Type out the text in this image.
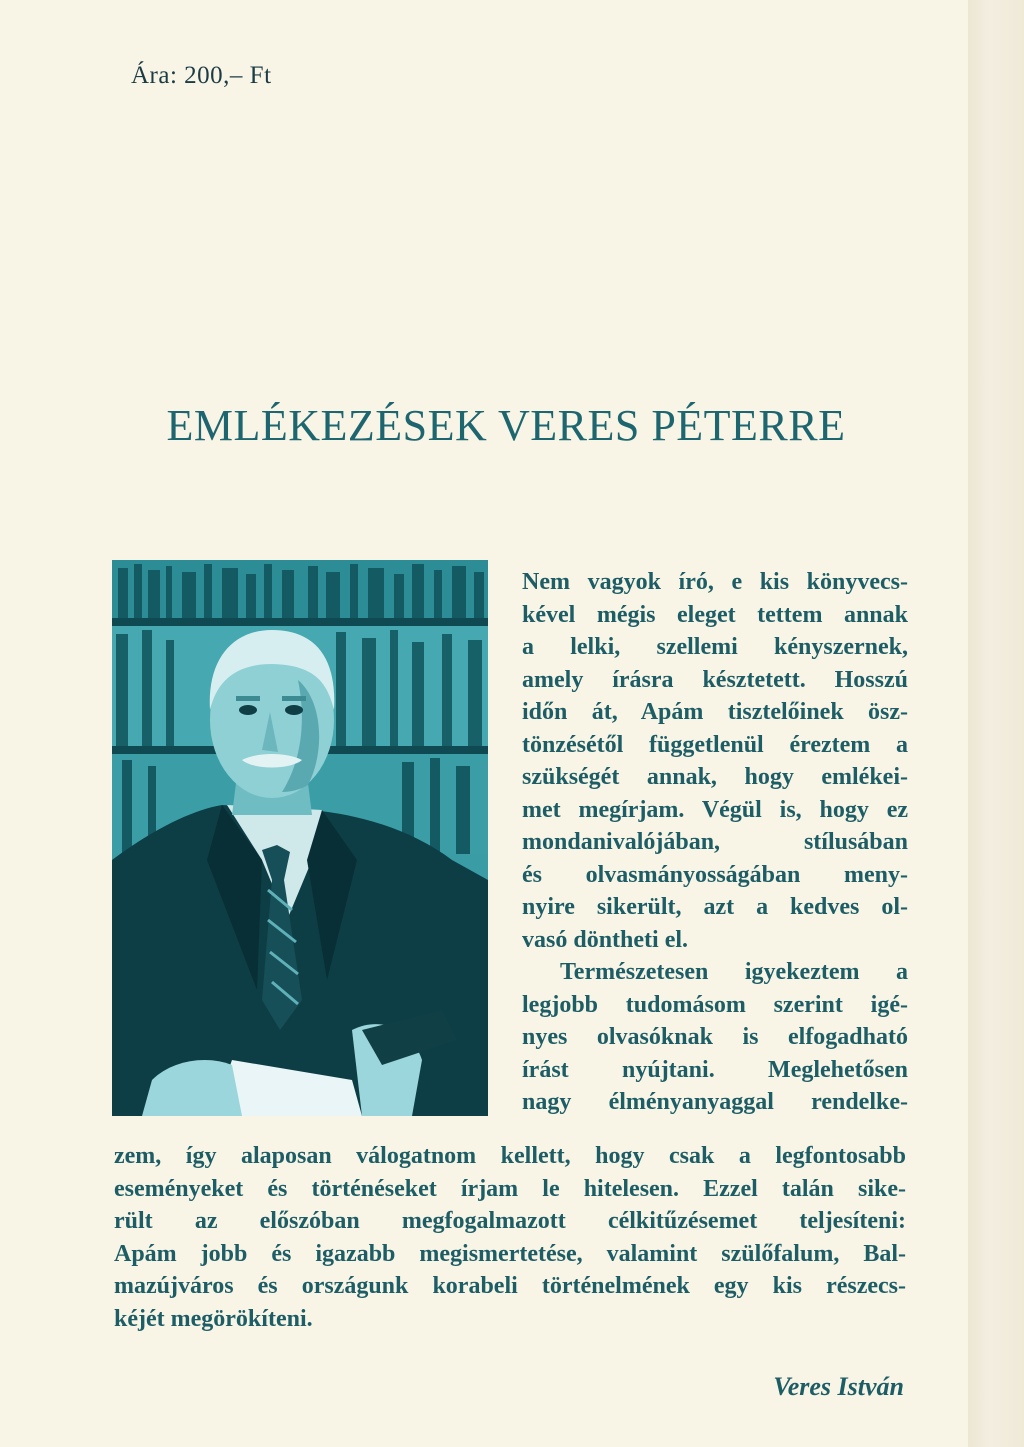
Ára: 200,– Ft
EMLÉKEZÉSEK VERES PÉTERRE

Nem vagyok író, e kis könyvecs-
kével mégis eleget tettem annak
a lelki, szellemi kényszernek,
amely írásra késztetett. Hosszú
időn át, Apám tisztelőinek ösz-
tönzésétől függetlenül éreztem a
szükségét annak, hogy emlékei-
met megírjam. Végül is, hogy ez
mondanivalójában, stílusában
és olvasmányosságában meny-
nyire sikerült, azt a kedves ol-
vasó döntheti el.

Természetesen igyekeztem a
legjobb tudomásom szerint igé-
nyes olvasóknak is elfogadható
írást nyújtani. Meglehetősen
nagy élményanyaggal rendelke-

zem, így alaposan válogatnom kellett, hogy csak a legfontosabb
eseményeket és történéseket írjam le hitelesen. Ezzel talán sike-
rült az előszóban megfogalmazott célkitűzésemet teljesíteni:
Apám jobb és igazabb megismertetése, valamint szülőfalum, Bal-
mazújváros és országunk korabeli történelmének egy kis részecs-
kéjét megörökíteni.
Veres István
